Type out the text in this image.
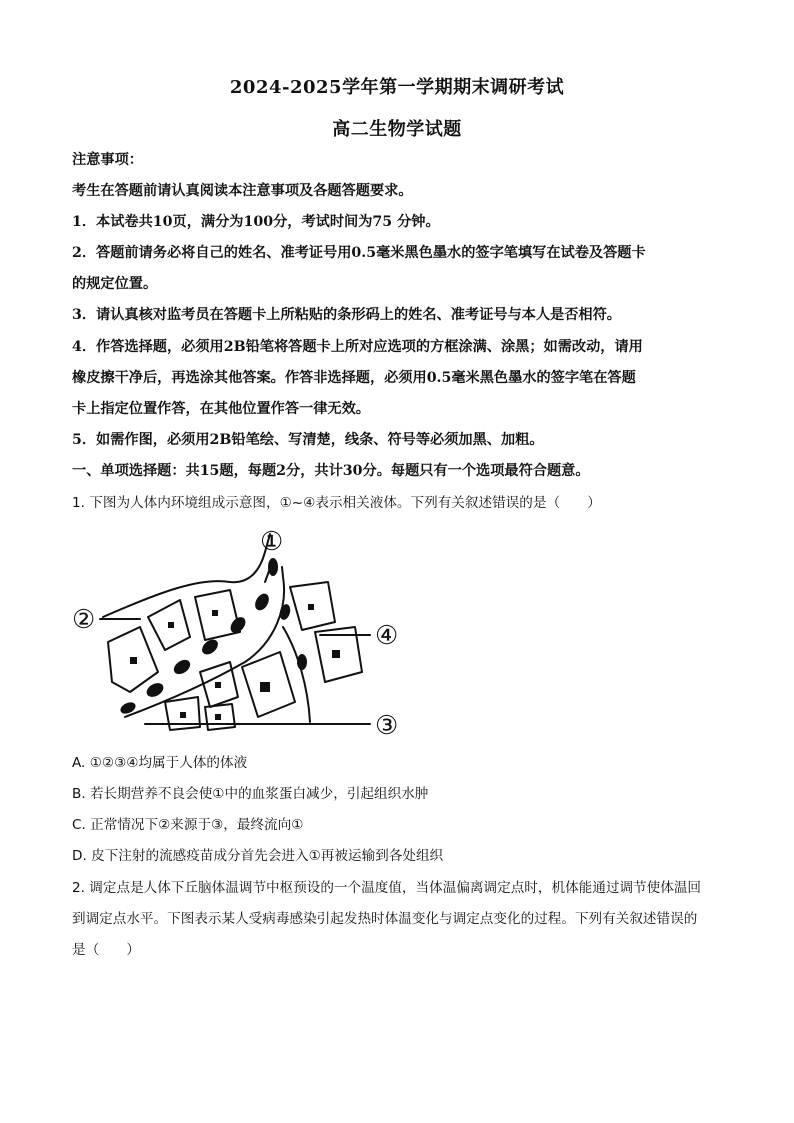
2024-2025学年第一学期期末调研考试
高二生物学试题
注意事项：
考生在答题前请认真阅读本注意事项及各题答题要求。
1．本试卷共10页，满分为100分，考试时间为75 分钟。
2．答题前请务必将自己的姓名、准考证号用0.5毫米黑色墨水的签字笔填写在试卷及答题卡
的规定位置。
3．请认真核对监考员在答题卡上所粘贴的条形码上的姓名、准考证号与本人是否相符。
4．作答选择题，必须用2B铅笔将答题卡上所对应选项的方框涂满、涂黑；如需改动，请用
橡皮擦干净后，再选涂其他答案。作答非选择题，必须用0.5毫米黑色墨水的签字笔在答题
卡上指定位置作答，在其他位置作答一律无效。
5．如需作图，必须用2B铅笔绘、写清楚，线条、符号等必须加黑、加粗。
一、单项选择题：共15题，每题2分，共计30分。每题只有一个选项最符合题意。
1. 下图为人体内环境组成示意图，①~④表示相关液体。下列有关叙述错误的是（　　）
①
②
③
④
A. ①②③④均属于人体的体液
B. 若长期营养不良会使①中的血浆蛋白减少，引起组织水肿
C. 正常情况下②来源于③，最终流向①
D. 皮下注射的流感疫苗成分首先会进入①再被运输到各处组织
2. 调定点是人体下丘脑体温调节中枢预设的一个温度值，当体温偏离调定点时，机体能通过调节使体温回
到调定点水平。下图表示某人受病毒感染引起发热时体温变化与调定点变化的过程。下列有关叙述错误的
是（　　）
